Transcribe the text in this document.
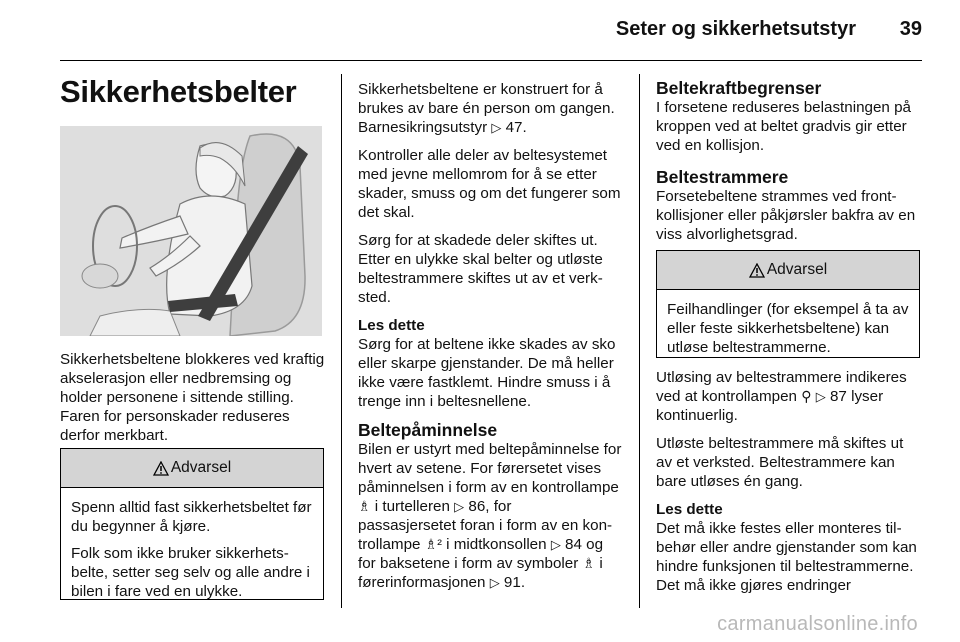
Seter og sikkerhetsutstyr 39
Sikkerhetsbelter

Sikkerhetsbeltene blokkeres ved kraftig akselerasjon eller nedbremsing og holder personene i sittende stilling. Faren for personskader reduseres derfor merkbart.

Advarsel

Spenn alltid fast sikkerhetsbeltet før du begynner å kjøre.

Folk som ikke bruker sikkerhetsbelte, setter seg selv og alle andre i bilen i fare ved en ulykke.

Sikkerhetsbeltene er konstruert for å brukes av bare én person om gangen. Barnesikringsutstyr ▷ 47.

Kontroller alle deler av beltesystemet med jevne mellomrom for å se etter skader, smuss og om det fungerer som det skal.

Sørg for at skadede deler skiftes ut. Etter en ulykke skal belter og utløste beltestrammere skiftes ut av et verksted.

Les dette
Sørg for at beltene ikke skades av sko eller skarpe gjenstander. De må heller ikke være fastklemt. Hindre smuss i å trenge inn i beltesnellene.

Beltepåminnelse

Bilen er ustyrt med beltepåminnelse for hvert av setene. For førersetet vises påminnelsen i form av en kontrollampe ♗ i turtelleren ▷ 86, for
passasjersetet foran i form av en kontrollampe ♗² i midtkonsollen ▷ 84 og
for baksetene i form av symboler ♗ i førerinformasjonen ▷ 91.

Beltekraftbegrenser

I forsetene reduseres belastningen på kroppen ved at beltet gradvis gir etter ved en kollisjon.

Beltestrammere

Forsetebeltene strammes ved frontkollisjoner eller påkjørsler bakfra av en viss alvorlighetsgrad.

Advarsel

Feilhandlinger (for eksempel å ta av eller feste sikkerhetsbeltene) kan utløse beltestrammerne.

Utløsing av beltestrammere indikeres ved at kontrollampen ⚲ ▷ 87 lyser kontinuerlig.

Utløste beltestrammere må skiftes ut av et verksted. Beltestrammere kan bare utløses én gang.

Les dette
Det må ikke festes eller monteres tilbehør eller andre gjenstander som kan hindre funksjonen til beltestrammerne. Det må ikke gjøres endringer

carmanualsonline.info
